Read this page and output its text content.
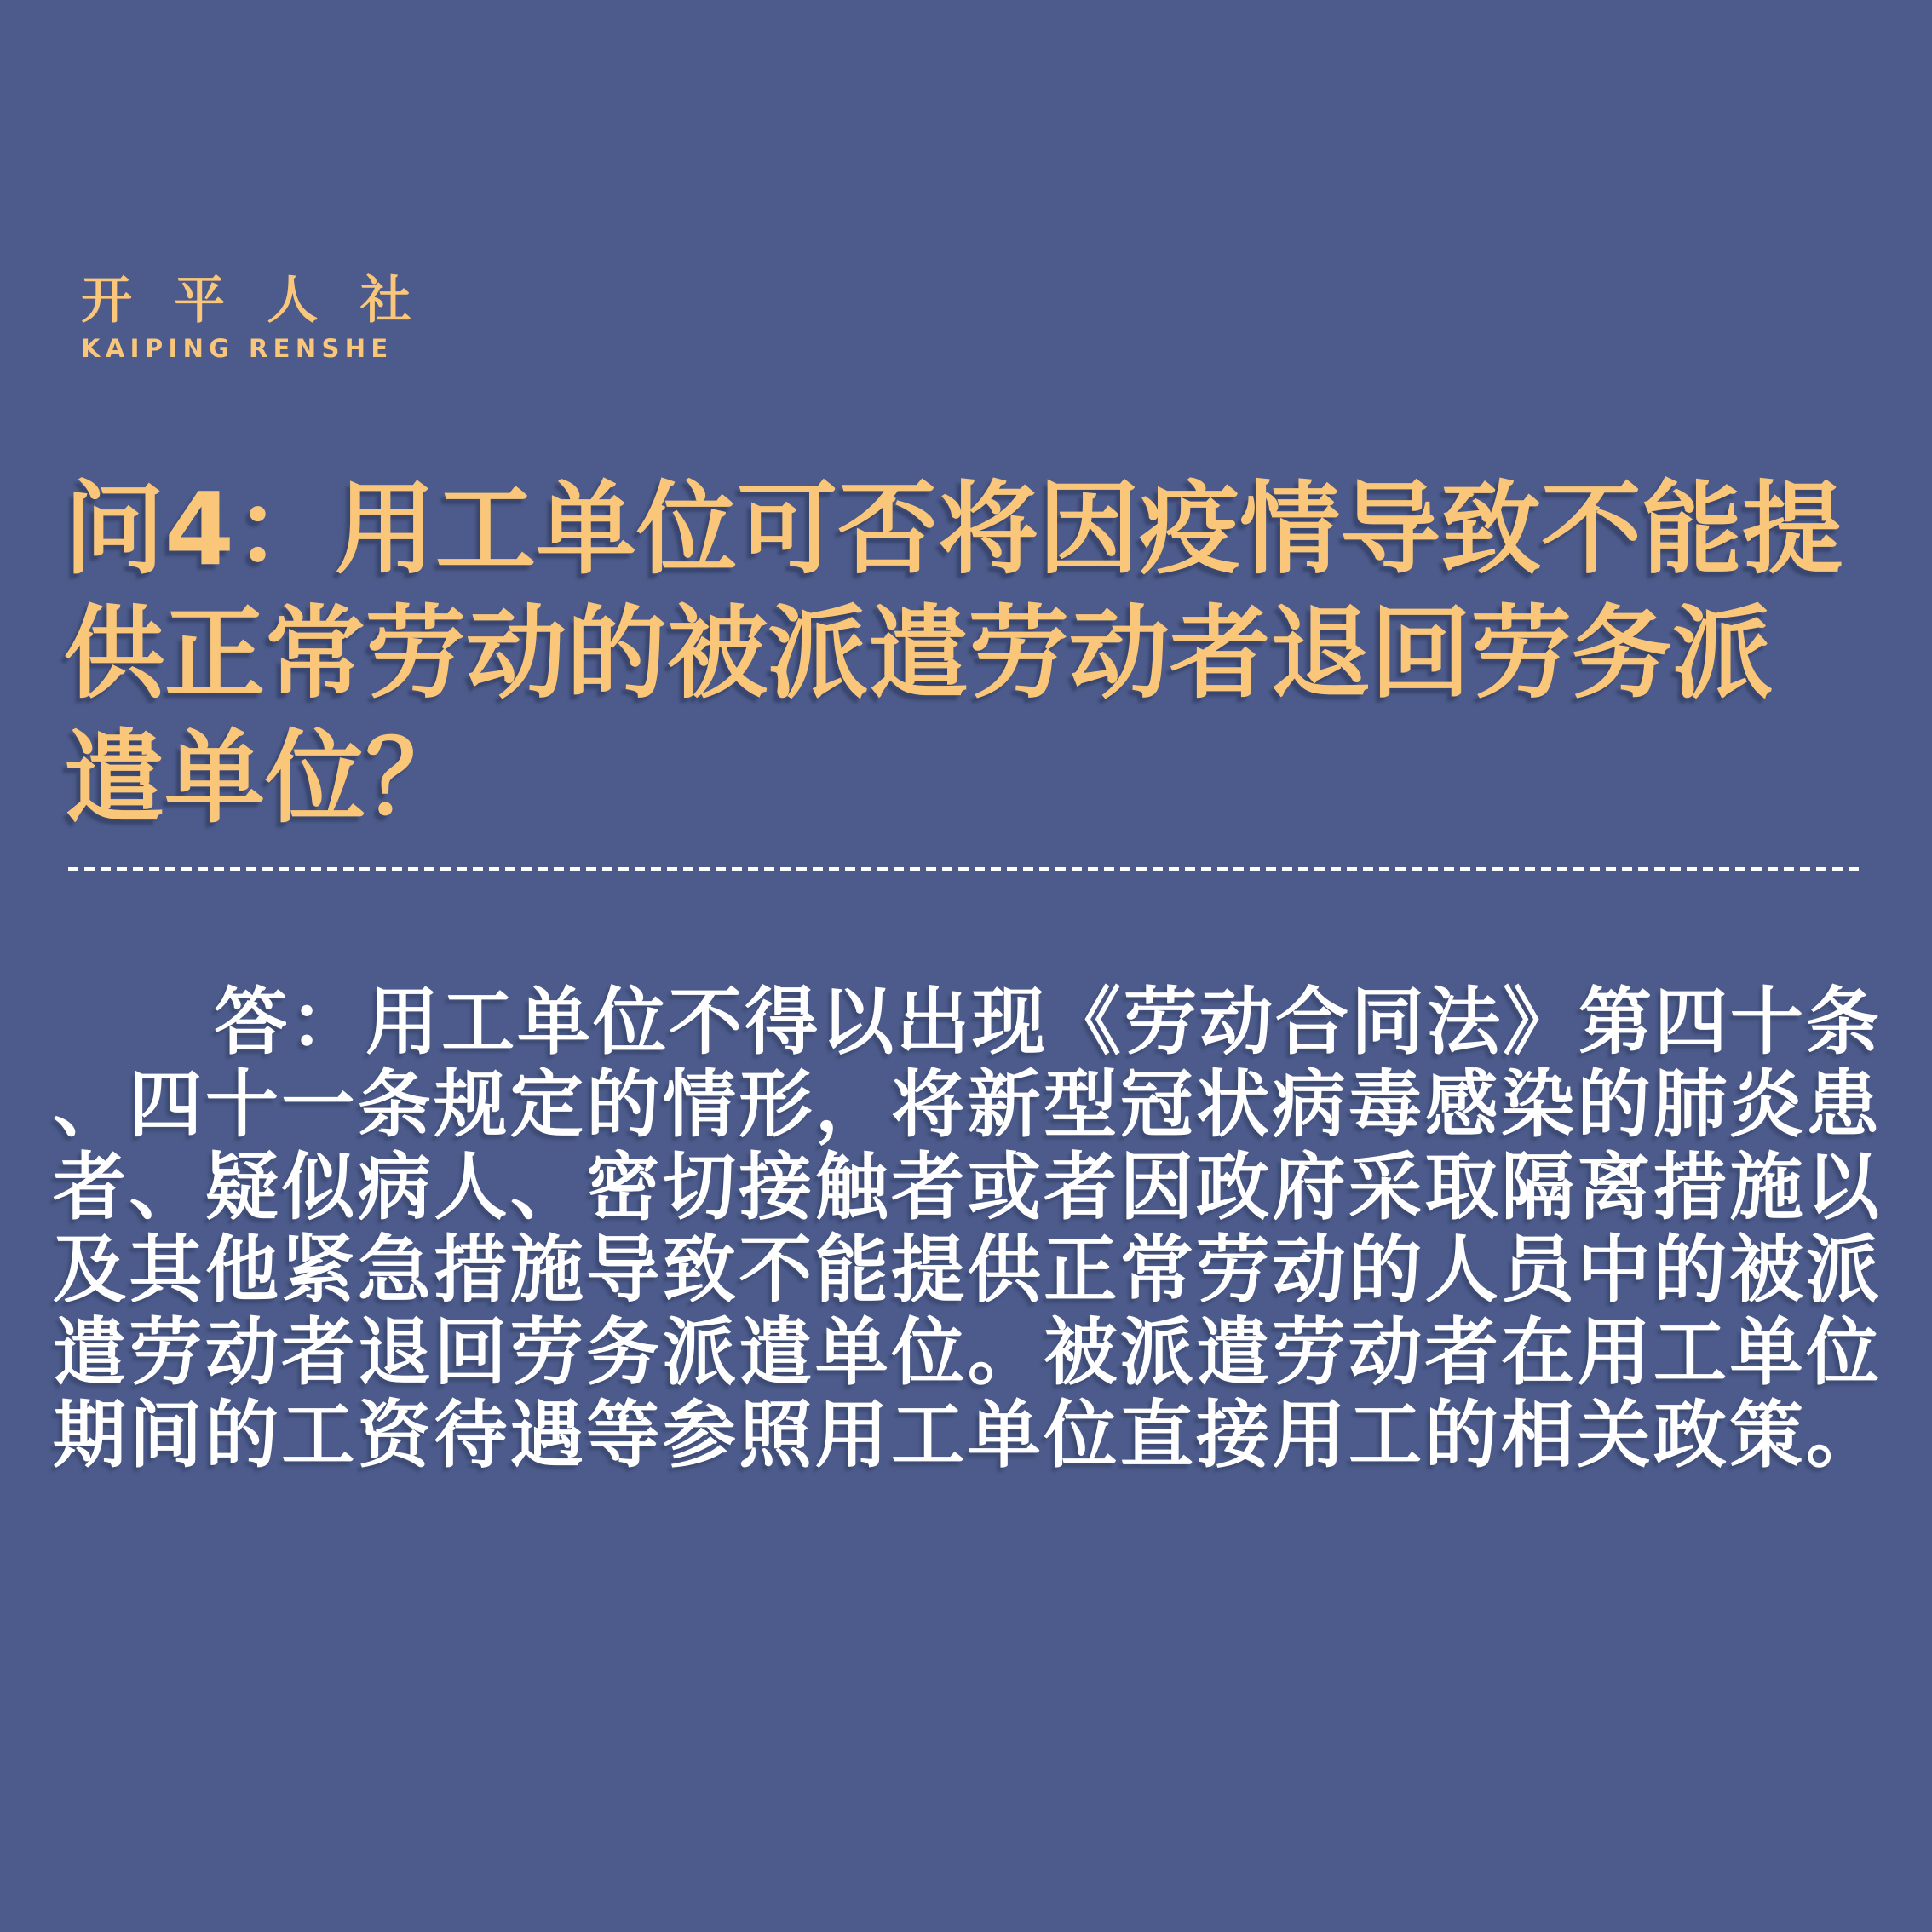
开平人社
KAIPING RENSHE
问4：用工单位可否将因疫情导致不能提
供正常劳动的被派遣劳动者退回劳务派
遣单位？
答：用工单位不得以出现《劳动合同法》第四十条
、四十一条规定的情形，将新型冠状病毒感染的肺炎患
者、疑似病人、密切接触者或者因政府采取隔离措施以
及其他紧急措施导致不能提供正常劳动的人员中的被派
遣劳动者退回劳务派遣单位。被派遣劳动者在用工单位
期间的工资待遇等参照用工单位直接用工的相关政策。
